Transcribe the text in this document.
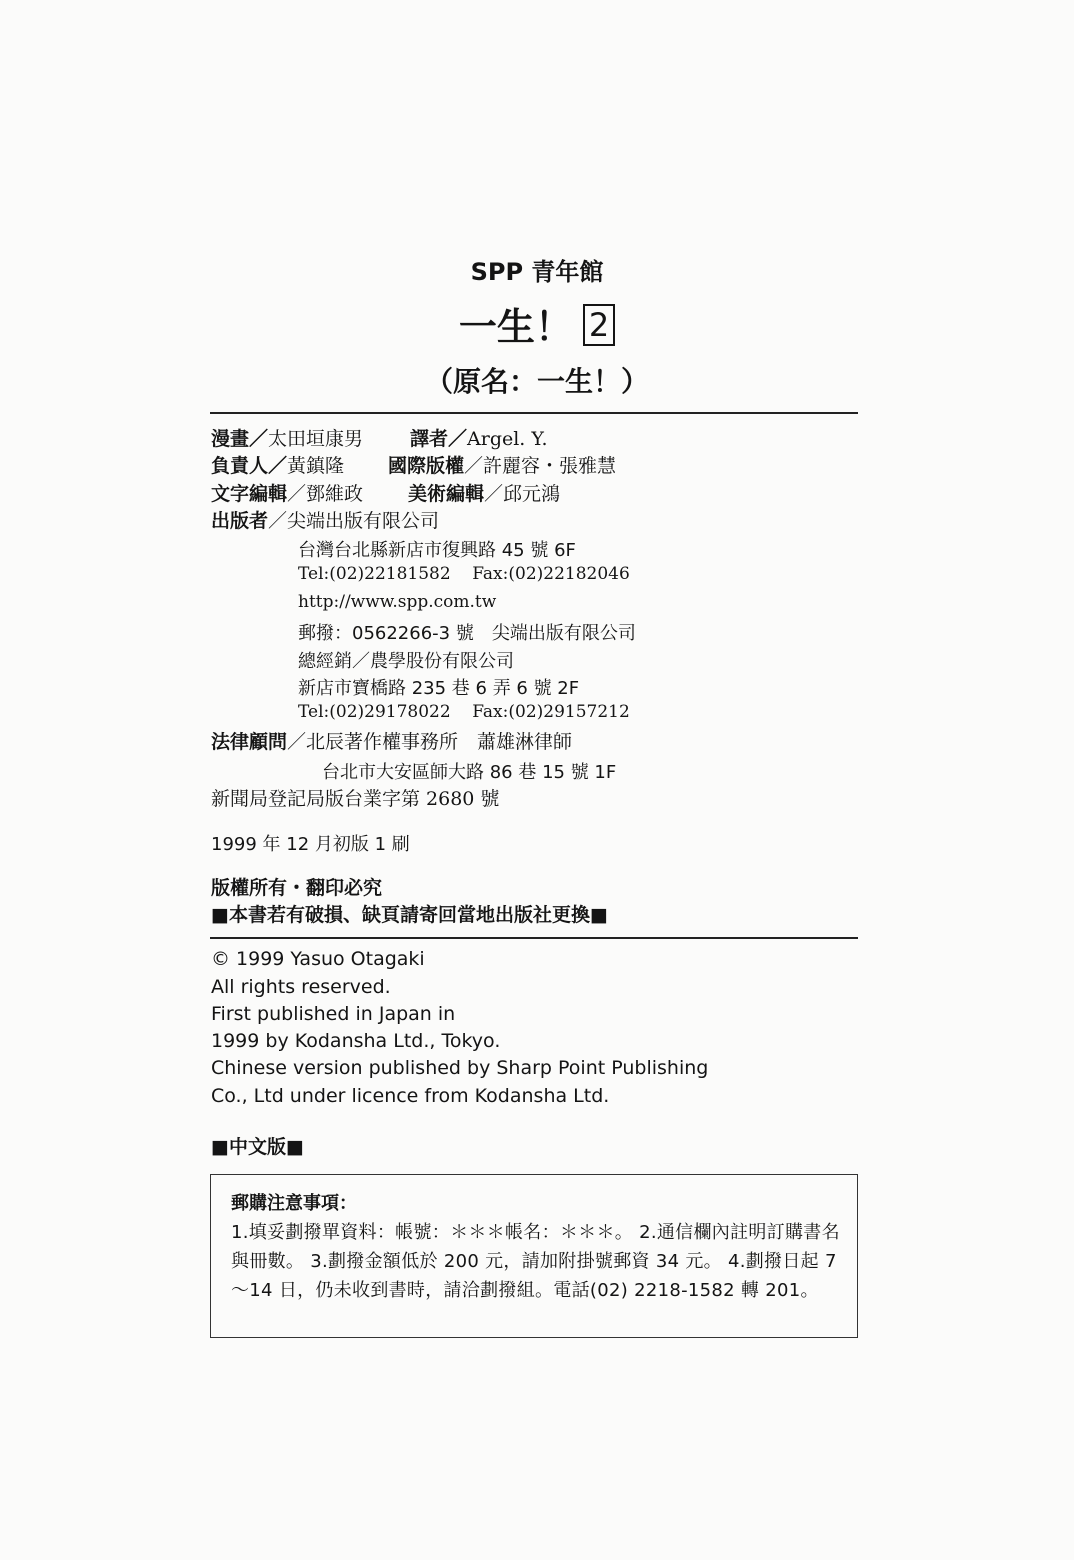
SPP 青年館
一生！ 2
（原名：一生！）
漫畫／太田垣康男 譯者／Argel. Y.
負責人／黃鎮隆 國際版權／許麗容・張雅慧
文字編輯／鄧維政 美術編輯／邱元鴻
出版者／尖端出版有限公司
台灣台北縣新店市復興路 45 號 6F
Tel:(02)22181582    Fax:(02)22182046
http://www.spp.com.tw
郵撥：0562266-3 號　尖端出版有限公司
總經銷／農學股份有限公司
新店市寶橋路 235 巷 6 弄 6 號 2F
Tel:(02)29178022    Fax:(02)29157212
法律顧問／北辰著作權事務所　蕭雄淋律師
台北市大安區師大路 86 巷 15 號 1F
新聞局登記局版台業字第 2680 號
1999 年 12 月初版 1 刷
版權所有・翻印必究
■本書若有破損、缺頁請寄回當地出版社更換■
© 1999 Yasuo Otagaki
All rights reserved.
First published in Japan in
1999 by Kodansha Ltd., Tokyo.
Chinese version published by Sharp Point Publishing
Co., Ltd under licence from Kodansha Ltd.
■中文版■
郵購注意事項：
1.填妥劃撥單資料：帳號：＊＊＊帳名：＊＊＊。 2.通信欄內註明訂購書名與冊數。 3.劃撥金額低於 200 元，請加附掛號郵資 34 元。 4.劃撥日起 7～14 日，仍未收到書時，請洽劃撥組。電話(02) 2218-1582 轉 201。
